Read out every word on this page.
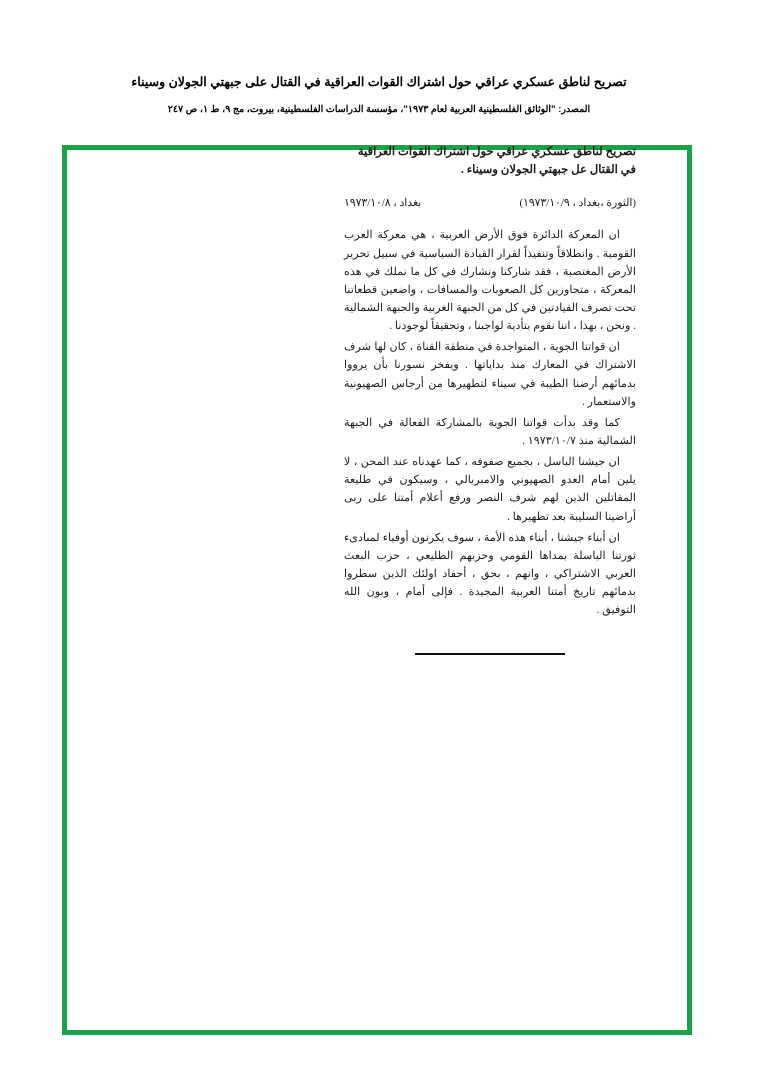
تصريح لناطق عسكري عراقي حول اشتراك القوات العراقية في القتال على جبهتي الجولان وسيناء
المصدر: "الوثائق الفلسطينية العربية لعام ١٩٧٣"، مؤسسة الدراسات الفلسطينية، بيروت، مج ٩، ط ١، ص ٢٤٧
تصريح لناطق عسكري عراقي حول اشتراك القوات العراقية في القتال عل جبهتي الجولان وسيناء .
(الثورة ،بغداد ، ١٩٧٣/١٠/٩)
بغداد ، ١٩٧٣/١٠/٨

ان المعركة الدائرة فوق الأرض العربية ، هي معركة العرب القومية . وانطلاقاً وتنفيذاً لقرار القيادة السياسية في سبيل تحرير الأرض المغتصبة ، فقد شاركنا ونشارك في كل ما نملك في هذه المعركة ، متجاوزين كل الصعوبات والمسافات ، واضعين قطعاتنا تحت تصرف القيادتين في كل من الجبهة الغربية والجبهة الشمالية . ونحن ، بهذا ، اننا نقوم بتأدية لواجبنا ، وتحقيقاً لوجودنا .

ان قواتنا الجوية ، المتواجدة في منطقة القناة ، كان لها شرف الاشتراك في المعارك منذ بداياتها . ويفخر نسورنا بأن يرووا بدمائهم أرضنا الطيبة في سيناء لتطهيرها من أرجاس الصهيونية والاستعمار .

كما وقد بدأت قواتنا الجوية بالمشاركة الفعالة في الجبهة الشمالية منذ ١٩٧٣/١٠/٧ .

ان جيشنا الباسل ، بجميع صفوفه ، كما عهدناه عند المحن ، لا يلين أمام العدو الصهيوني والامبريالي ، وسيكون في طليعة المقاتلين الذين لهم شرف النصر ورفع أعلام أمتنا على ربى أراضينا السليبة بعد تطهيرها .

ان أبناء جيشنا ، أبناء هذه الأمة ، سوف يكرنون أوفياء لمبادىء ثورتنا الباسلة بمداها القومي وحزبهم الطليعي ، حزب البعث العربي الاشتراكي ، وانهم ، بحق ، أحفاد اولئك الذين سطروا بدمائهم تاريخ أمتنا العربية المجيدة . فإلى أمام ، وبون الله التوفيق .
